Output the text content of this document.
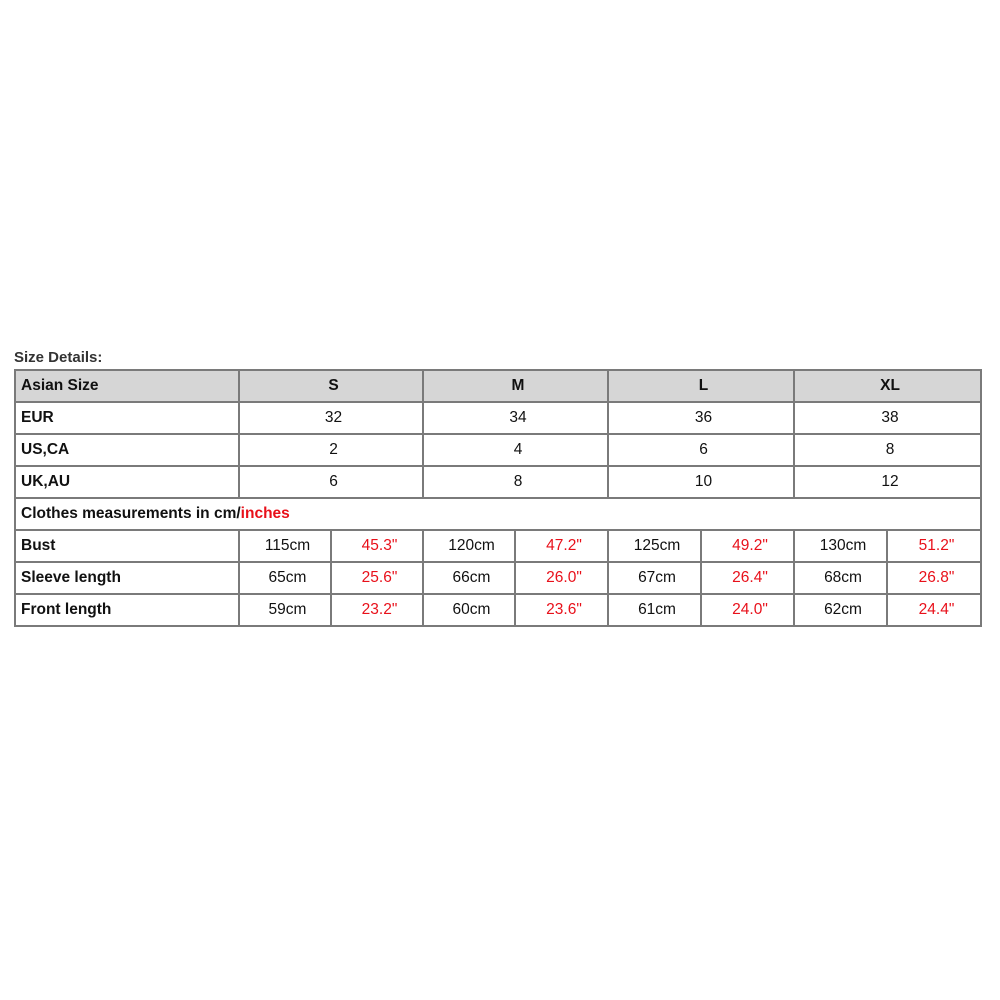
Size Details:
Asian Size	S		M		L		XL	
EUR	32		34		36		38	
US,CA	2		4		6		8	
UK,AU	6		8		10		12	
Clothes measurements in cm/inches								
Bust	115cm	45.3"	120cm	47.2"	125cm	49.2"	130cm	51.2"
Sleeve length	65cm	25.6"	66cm	26.0"	67cm	26.4"	68cm	26.8"
Front length	59cm	23.2"	60cm	23.6"	61cm	24.0"	62cm	24.4"
